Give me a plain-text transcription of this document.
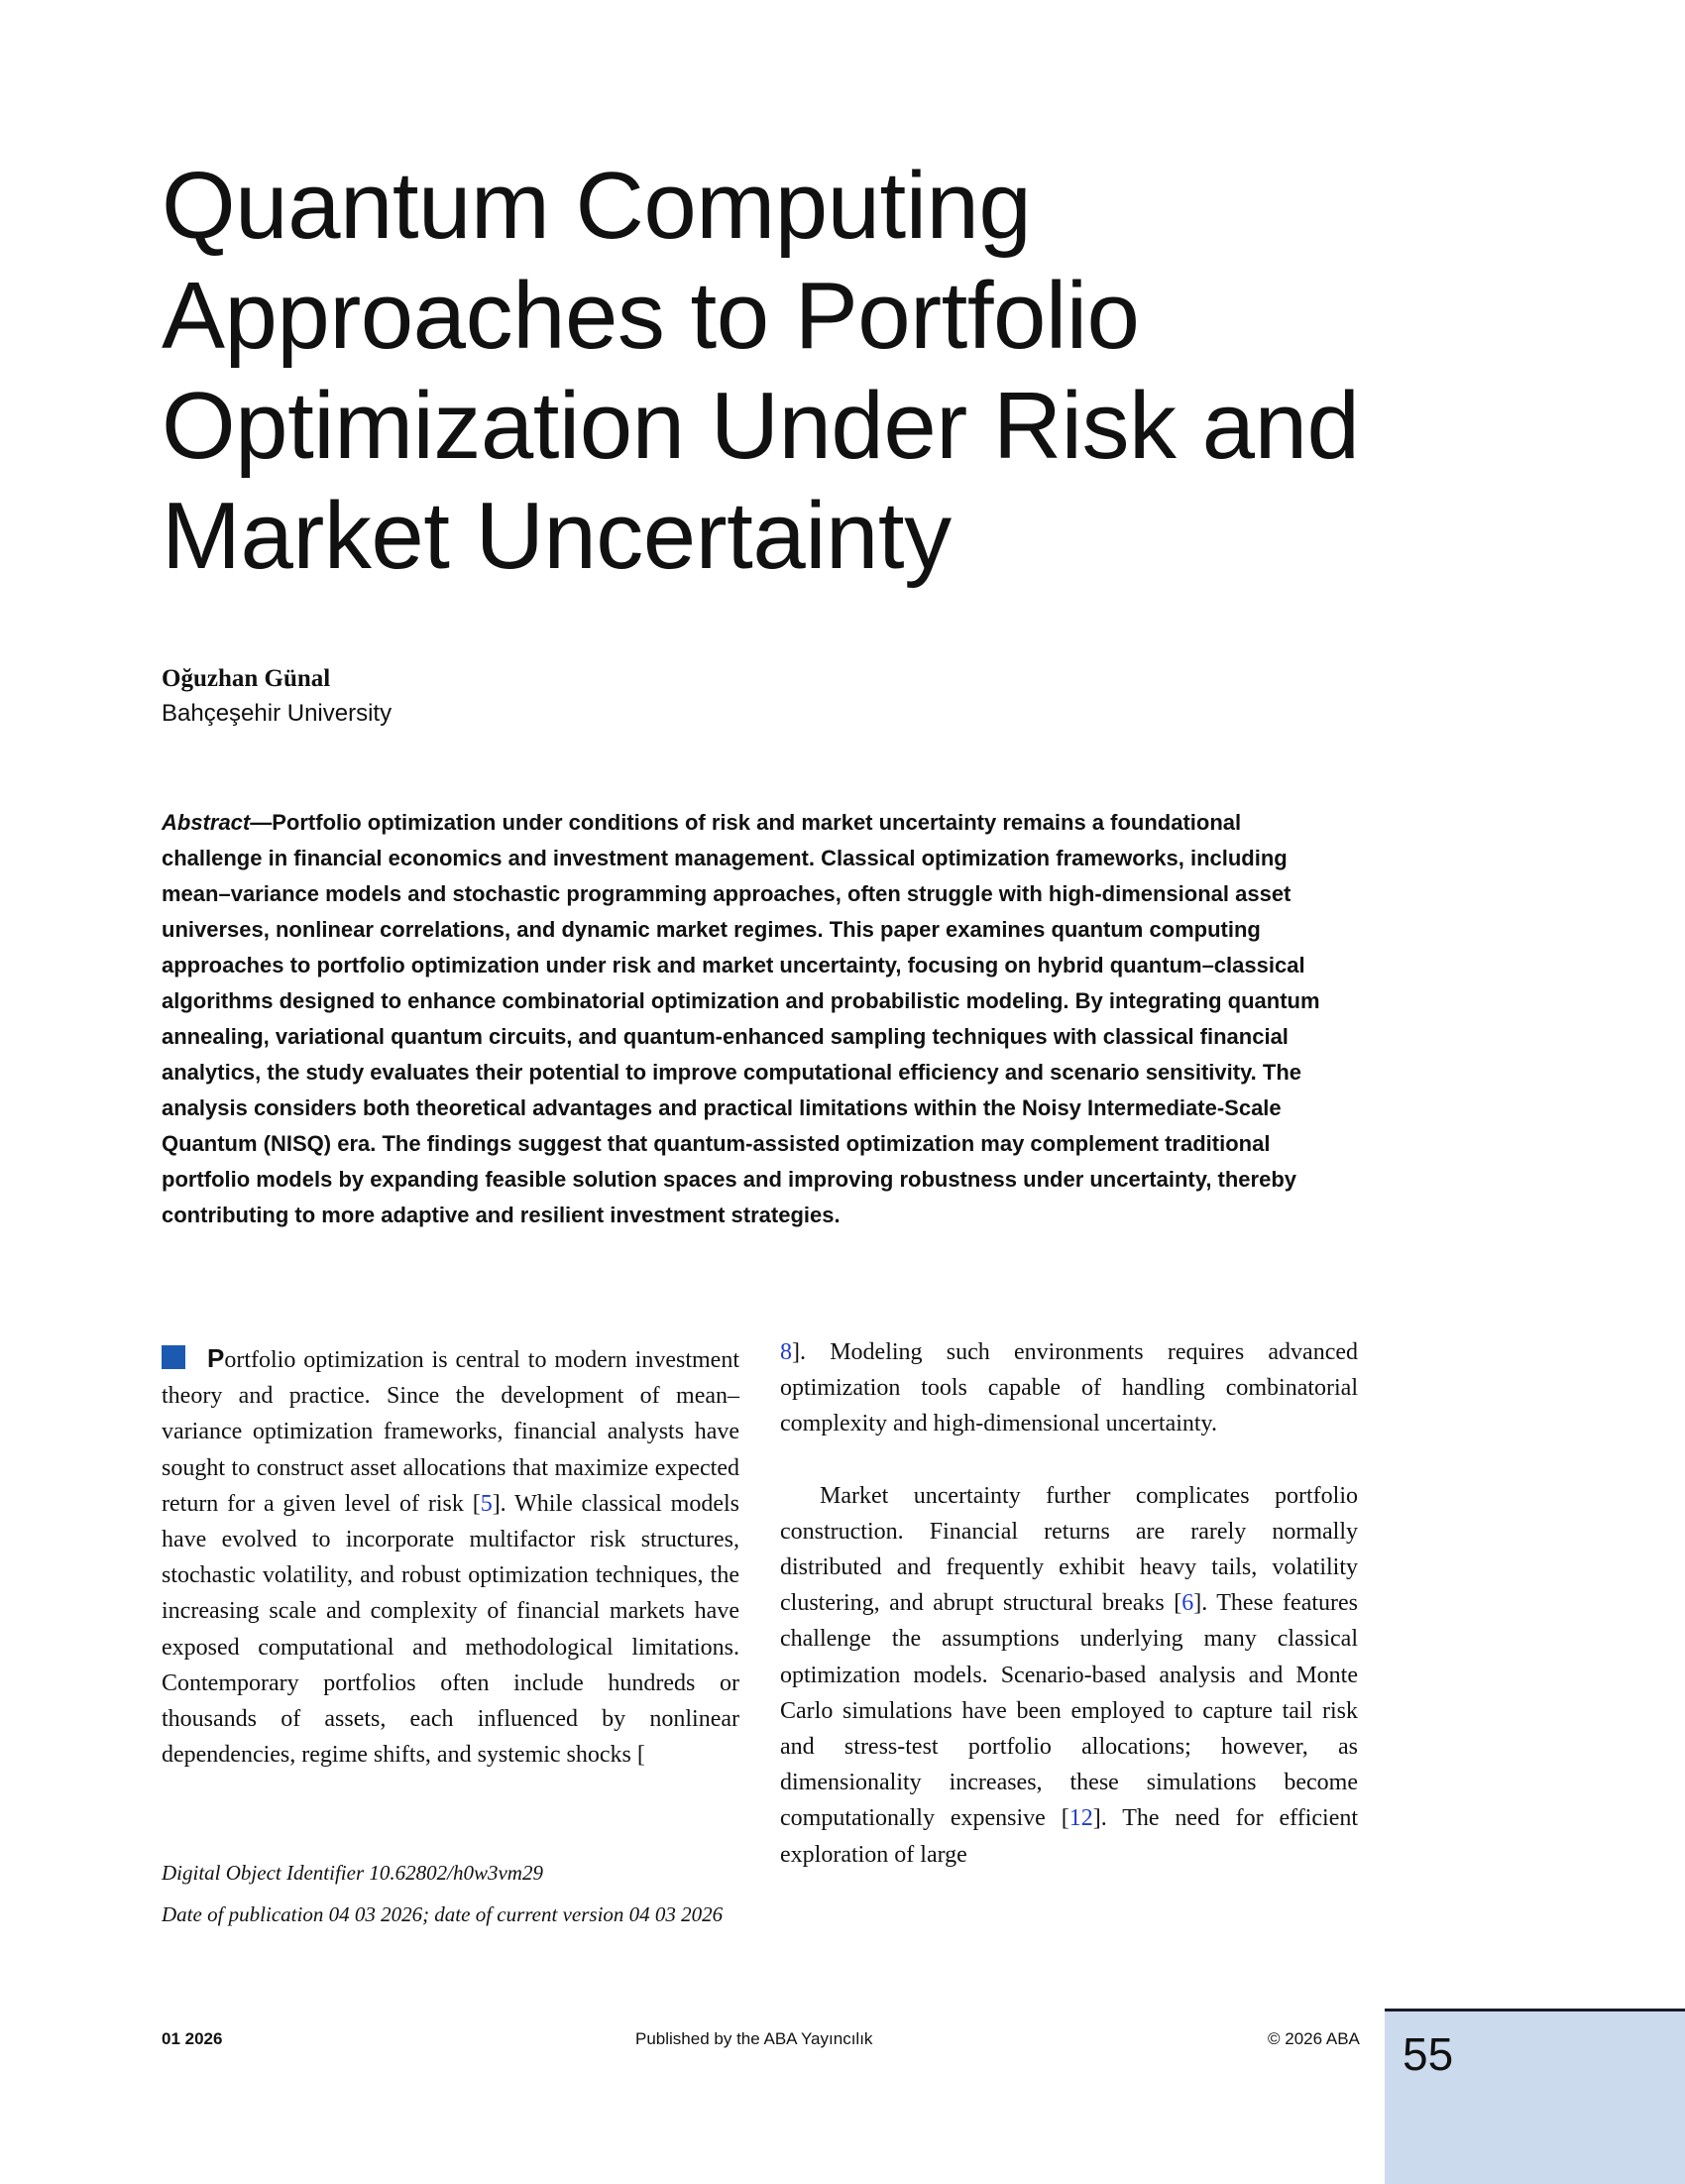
Quantum Computing Approaches to Portfolio Optimization Under Risk and Market Uncertainty
Oğuzhan Günal
Bahçeşehir University

Abstract—Portfolio optimization under conditions of risk and market uncertainty remains a foundational challenge in financial economics and investment management. Classical optimization frameworks, including mean–variance models and stochastic programming approaches, often struggle with high-dimensional asset universes, nonlinear correlations, and dynamic market regimes. This paper examines quantum computing approaches to portfolio optimization under risk and market uncertainty, focusing on hybrid quantum–classical algorithms designed to enhance combinatorial optimization and probabilistic modeling. By integrating quantum annealing, variational quantum circuits, and quantum-enhanced sampling techniques with classical financial analytics, the study evaluates their potential to improve computational efficiency and scenario sensitivity. The analysis considers both theoretical advantages and practical limitations within the Noisy Intermediate-Scale Quantum (NISQ) era. The findings suggest that quantum-assisted optimization may complement traditional portfolio models by expanding feasible solution spaces and improving robustness under uncertainty, thereby contributing to more adaptive and resilient investment strategies.

Portfolio optimization is central to modern investment theory and practice. Since the development of mean–variance optimization frameworks, financial analysts have sought to construct asset allocations that maximize expected return for a given level of risk [5]. While classical models have evolved to incorporate multifactor risk structures, stochastic volatility, and robust optimization techniques, the increasing scale and complexity of financial markets have exposed computational and methodological limitations. Contemporary portfolios often include hundreds or thousands of assets, each influenced by nonlinear dependencies, regime shifts, and systemic shocks [

Digital Object Identifier 10.62802/h0w3vm29

Date of publication 04 03 2026; date of current version 04 03 2026

8]. Modeling such environments requires advanced optimization tools capable of handling combinatorial complexity and high-dimensional uncertainty.

Market uncertainty further complicates portfolio construction. Financial returns are rarely normally distributed and frequently exhibit heavy tails, volatility clustering, and abrupt structural breaks [6]. These features challenge the assumptions underlying many classical optimization models. Scenario-based analysis and Monte Carlo simulations have been employed to capture tail risk and stress-test portfolio allocations; however, as dimensionality increases, these simulations become computationally expensive [12]. The need for efficient exploration of large

01 2026	Published by the ABA Yayıncılık	© 2026 ABA 55
